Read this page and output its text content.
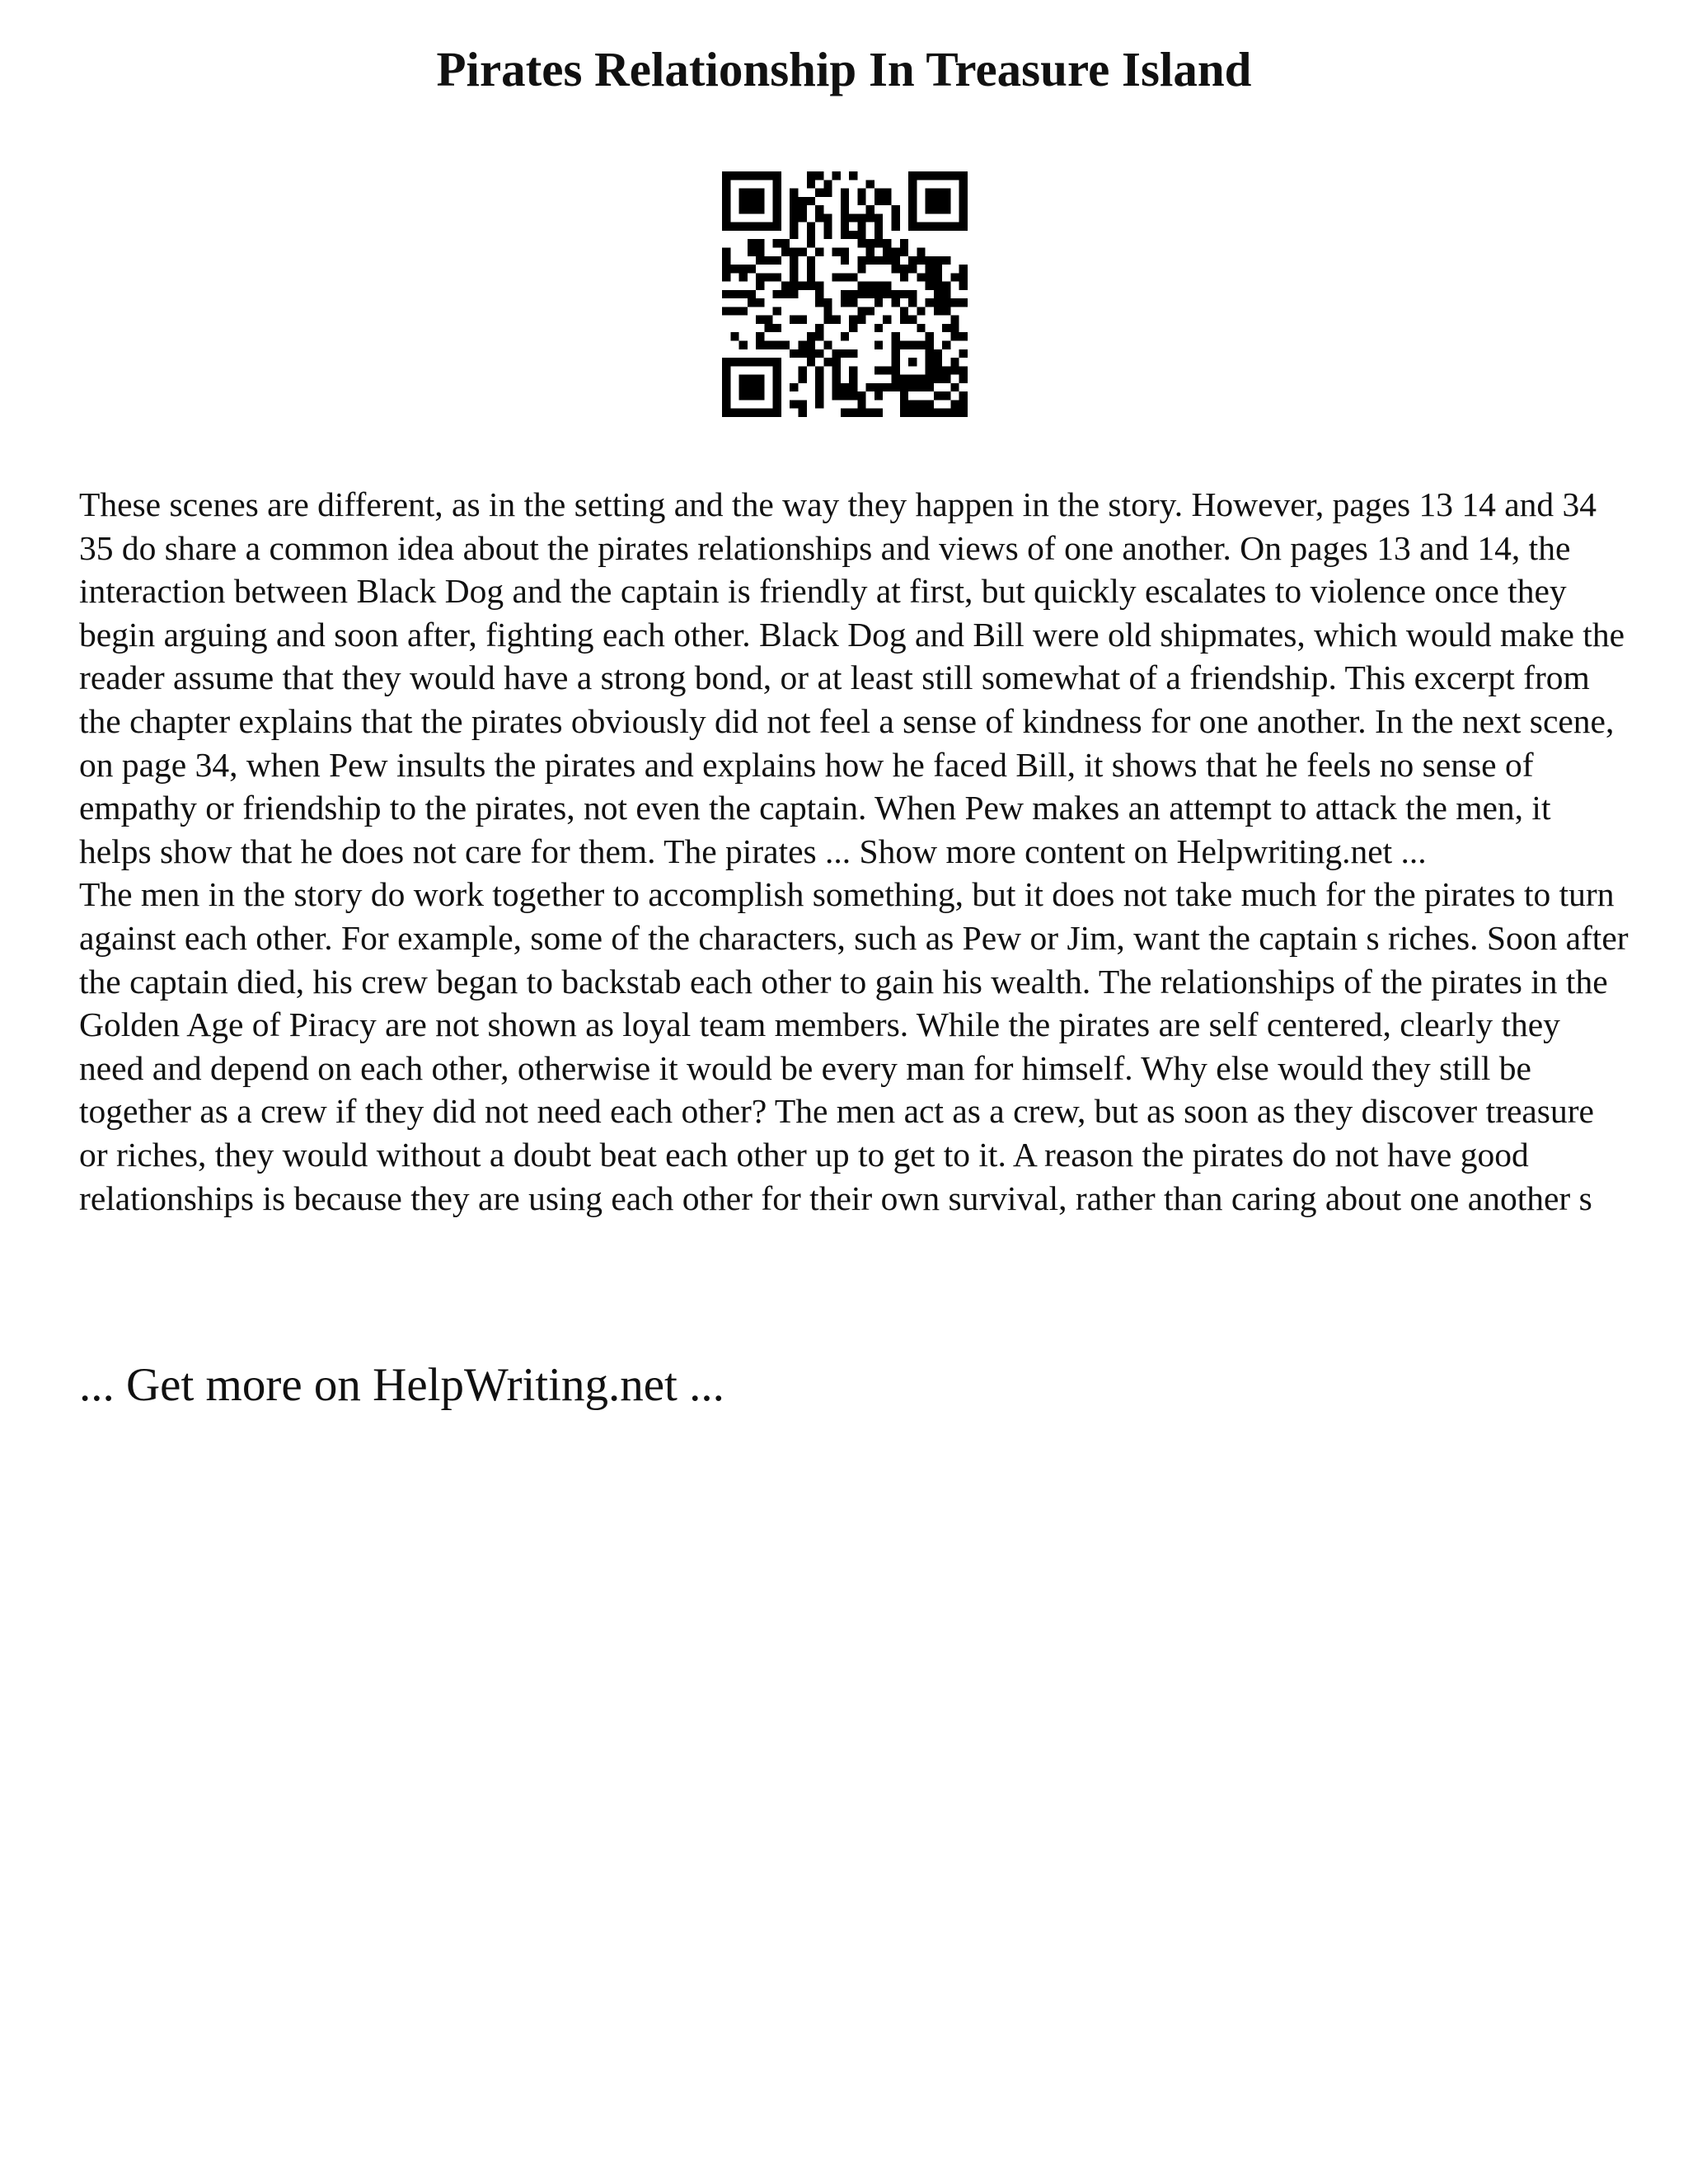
Pirates Relationship In Treasure Island

These scenes are different, as in the setting and the way they happen in the story. However, pages 13 14 and 34 35 do share a common idea about the pirates relationships and views of one another. On pages 13 and 14, the interaction between Black Dog and the captain is friendly at first, but quickly escalates to violence once they begin arguing and soon after, fighting each other. Black Dog and Bill were old shipmates, which would make the reader assume that they would have a strong bond, or at least still somewhat of a friendship. This excerpt from the chapter explains that the pirates obviously did not feel a sense of kindness for one another. In the next scene, on page 34, when Pew insults the pirates and explains how he faced Bill, it shows that he feels no sense of empathy or friendship to the pirates, not even the captain. When Pew makes an attempt to attack the men, it helps show that he does not care for them. The pirates ... Show more content on Helpwriting.net ...

The men in the story do work together to accomplish something, but it does not take much for the pirates to turn against each other. For example, some of the characters, such as Pew or Jim, want the captain s riches. Soon after the captain died, his crew began to backstab each other to gain his wealth. The relationships of the pirates in the Golden Age of Piracy are not shown as loyal team members. While the pirates are self centered, clearly they need and depend on each other, otherwise it would be every man for himself. Why else would they still be together as a crew if they did not need each other? The men act as a crew, but as soon as they discover treasure or riches, they would without a doubt beat each other up to get to it. A reason the pirates do not have good relationships is because they are using each other for their own survival, rather than caring about one another s

... Get more on HelpWriting.net ...
